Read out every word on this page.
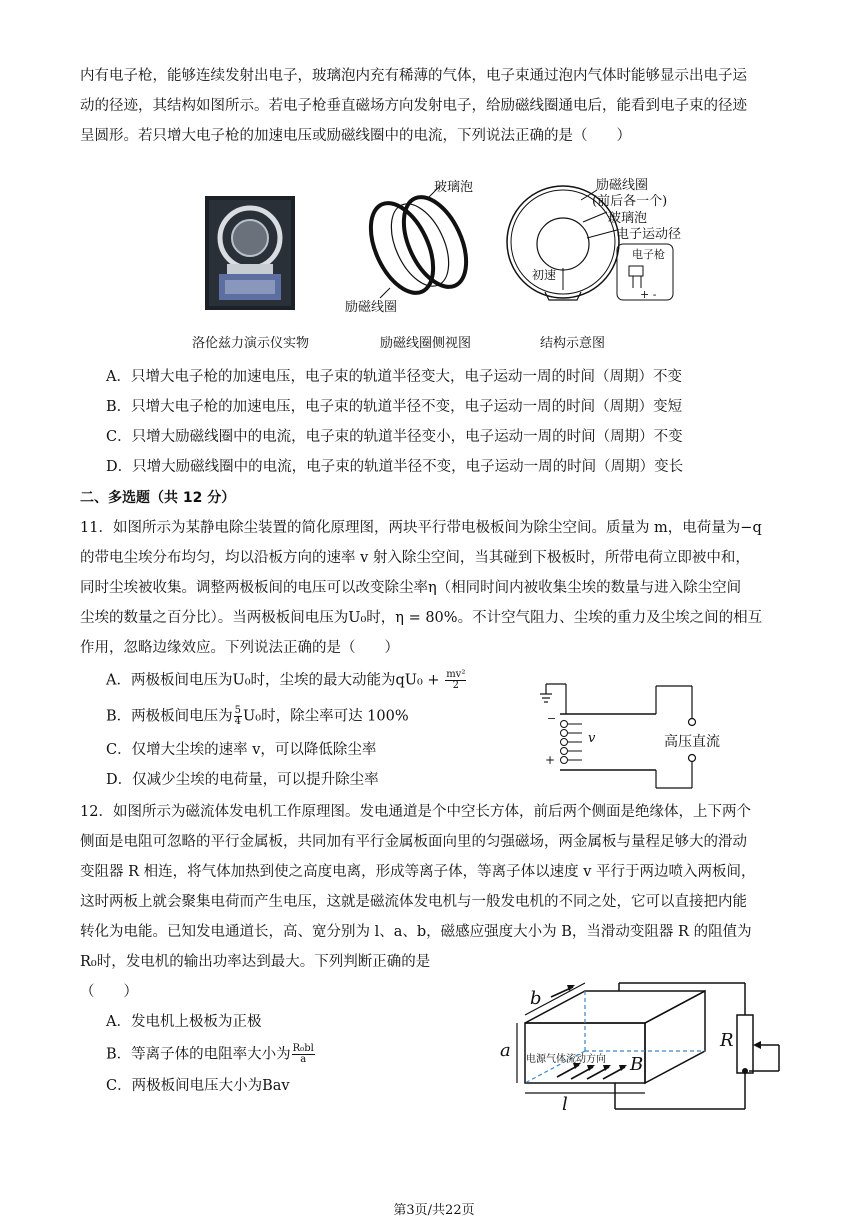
内有电子枪，能够连续发射出电子，玻璃泡内充有稀薄的气体，电子束通过泡内气体时能够显示出电子运
动的径迹，其结构如图所示。若电子枪垂直磁场方向发射电子，给励磁线圈通电后，能看到电子束的径迹
呈圆形。若只增大电子枪的加速电压或励磁线圈中的电流，下列说法正确的是（　　）
洛伦兹力演示仪实物
玻璃泡
励磁线圈
励磁线圈侧视图
励磁线圈
(前后各一个)
玻璃泡
电子运动径
电子枪
初速
+ -
结构示意图
A．只增大电子枪的加速电压，电子束的轨道半径变大，电子运动一周的时间（周期）不变
B．只增大电子枪的加速电压，电子束的轨道半径不变，电子运动一周的时间（周期）变短
C．只增大励磁线圈中的电流，电子束的轨道半径变小，电子运动一周的时间（周期）不变
D．只增大励磁线圈中的电流，电子束的轨道半径不变，电子运动一周的时间（周期）变长
二、多选题（共 12 分）
11．如图所示为某静电除尘装置的简化原理图，两块平行带电极板间为除尘空间。质量为 m，电荷量为−q
的带电尘埃分布均匀，均以沿板方向的速率 v 射入除尘空间，当其碰到下极板时，所带电荷立即被中和，
同时尘埃被收集。调整两极板间的电压可以改变除尘率η（相同时间内被收集尘埃的数量与进入除尘空间
尘埃的数量之百分比）。当两极板间电压为U₀时，η = 80%。不计空气阻力、尘埃的重力及尘埃之间的相互
作用，忽略边缘效应。下列说法正确的是（　　）
A．两极板间电压为U₀时，尘埃的最大动能为$qU_0 + \frac{\text{mv²}}{2}$
B．两极板间电压为 $\frac{5}{4} U_0$时，除尘率可达 100%
C．仅增大尘埃的速率 v，可以降低除尘率
D．仅减少尘埃的电荷量，可以提升除尘率
−
v
+
高压直流
12．如图所示为磁流体发电机工作原理图。发电通道是个中空长方体，前后两个侧面是绝缘体，上下两个
侧面是电阻可忽略的平行金属板，共同加有平行金属板面向里的匀强磁场，两金属板与量程足够大的滑动
变阻器 R 相连，将气体加热到使之高度电离，形成等离子体，等离子体以速度 v 平行于两边喷入两板间，
这时两板上就会聚集电荷而产生电压，这就是磁流体发电机与一般发电机的不同之处，它可以直接把内能
转化为电能。已知发电通道长，高、宽分别为 l、a、b，磁感应强度大小为 B，当滑动变阻器 R 的阻值为
R₀时，发电机的输出功率达到最大。下列判断正确的是
（　　）
A．发电机上极板为正极
B．等离子体的电阻率大小为 $\frac{\text{R₀bl}}{a}$
C．两极板间电压大小为Bav
b
a
l
R
B
电源气体流动方向
第3页/共22页
